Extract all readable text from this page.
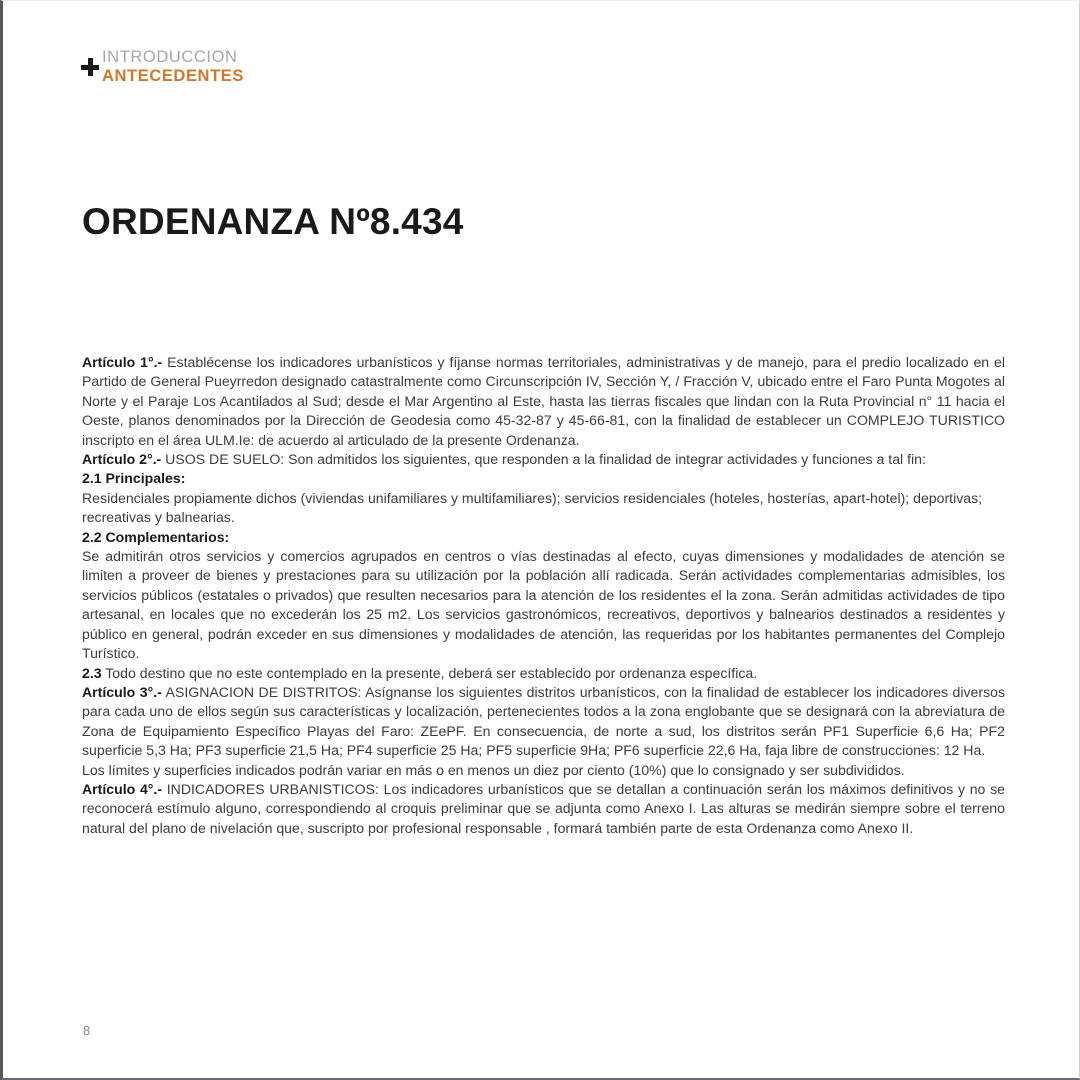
INTRODUCCION
ANTECEDENTES
ORDENANZA Nº8.434

Artículo 1°.- Establécense los indicadores urbanísticos y fíjanse normas territoriales, administrativas y de manejo, para el predio localizado en el Partido de General Pueyrredon designado catastralmente como Circunscripción IV, Sección Y, / Fracción V, ubicado entre el Faro Punta Mogotes al Norte y el Paraje Los Acantilados al Sud; desde el Mar Argentino al Este, hasta las tierras fiscales que lindan con la Ruta Provincial n° 11 hacia el Oeste, planos denominados por la Dirección de Geodesia como 45-32-87 y 45-66-81, con la finalidad de establecer un COMPLEJO TURISTICO inscripto en el área ULM.Ie: de acuerdo al articulado de la presente Ordenanza.

Artículo 2°.- USOS DE SUELO: Son admitidos los siguientes, que responden a la finalidad de integrar actividades y funciones a tal fin:

2.1 Principales:

Residenciales propiamente dichos (viviendas unifamiliares y multifamiliares); servicios residenciales (hoteles, hosterías, apart-hotel); deportivas; recreativas y balnearias.

2.2 Complementarios:

Se admitirán otros servicios y comercios agrupados en centros o vías destinadas al efecto, cuyas dimensiones y modalidades de atención se limiten a proveer de bienes y prestaciones para su utilización por la población allí radicada. Serán actividades complementarias admisibles, los servicios públicos (estatales o privados) que resulten necesarios para la atención de los residentes el la zona. Serán admitidas actividades de tipo artesanal, en locales que no excederán los 25 m2. Los servicios gastronómicos, recreativos, deportivos y balnearios destinados a residentes y público en general, podrán exceder en sus dimensiones y modalidades de atención, las requeridas por los habitantes permanentes del Complejo Turístico.

2.3 Todo destino que no este contemplado en la presente, deberá ser establecido por ordenanza específica.

Artículo 3°.- ASIGNACION DE DISTRITOS: Asígnanse los siguientes distritos urbanísticos, con la finalidad de establecer los indicadores diversos para cada uno de ellos según sus características y localización, pertenecientes todos a la zona englobante que se designará con la abreviatura de Zona de Equipamiento Específico Playas del Faro: ZEePF. En consecuencia, de norte a sud, los distritos serán PF1 Superficie 6,6 Ha; PF2 superficie 5,3 Ha; PF3 superficie 21,5 Ha; PF4 superficie 25 Ha; PF5 superficie 9Ha; PF6 superficie 22,6 Ha, faja libre de construcciones: 12 Ha.

Los límites y superficies indicados podrán variar en más o en menos un diez por ciento (10%) que lo consignado y ser subdivididos.

Artículo 4°.- INDICADORES URBANISTICOS: Los indicadores urbanísticos que se detallan a continuación serán los máximos definitivos y no se reconocerá estímulo alguno, correspondiendo al croquis preliminar que se adjunta como Anexo I. Las alturas se medirán siempre sobre el terreno natural del plano de nivelación que, suscripto por profesional responsable , formará también parte de esta Ordenanza como Anexo II.

8
